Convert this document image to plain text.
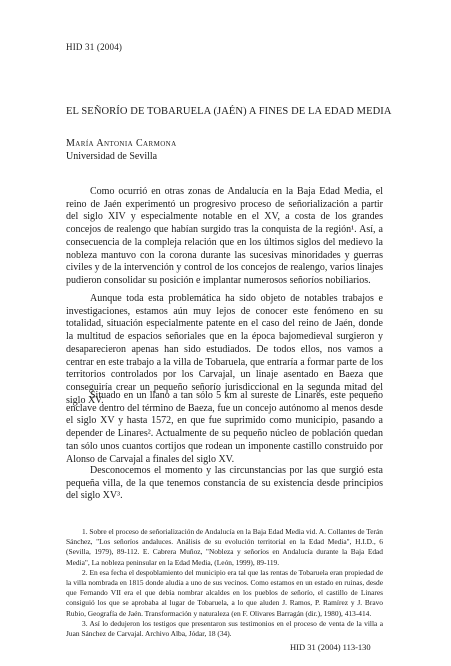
HID 31 (2004)
EL SEÑORÍO DE TOBARUELA (JAÉN) A FINES DE LA EDAD MEDIA
María Antonia Carmona
Universidad de Sevilla

Como ocurrió en otras zonas de Andalucía en la Baja Edad Media, el reino de Jaén experimentó un progresivo proceso de señorialización a partir del siglo XIV y especialmente notable en el XV, a costa de los grandes concejos de realengo que habían surgido tras la conquista de la región¹. Así, a consecuencia de la compleja relación que en los últimos siglos del medievo la nobleza mantuvo con la corona durante las sucesivas minoridades y guerras civiles y de la intervención y control de los concejos de realengo, varios linajes pudieron consolidar su posición e implantar numerosos señoríos nobiliarios.

Aunque toda esta problemática ha sido objeto de notables trabajos e investigaciones, estamos aún muy lejos de conocer este fenómeno en su totalidad, situación especialmente patente en el caso del reino de Jaén, donde la multitud de espacios señoriales que en la época bajomedieval surgieron y desaparecieron apenas han sido estudiados. De todos ellos, nos vamos a centrar en este trabajo a la villa de Tobaruela, que entraría a formar parte de los territorios controlados por los Carvajal, un linaje asentado en Baeza que conseguiría crear un pequeño señorío jurisdiccional en la segunda mitad del siglo XV.

Situado en un llano a tan sólo 5 km al sureste de Linares, este pequeño enclave dentro del término de Baeza, fue un concejo autónomo al menos desde el siglo XV y hasta 1572, en que fue suprimido como municipio, pasando a depender de Linares². Actualmente de su pequeño núcleo de población quedan tan sólo unos cuantos cortijos que rodean un imponente castillo construido por Alonso de Carvajal a finales del siglo XV.

Desconocemos el momento y las circunstancias por las que surgió esta pequeña villa, de la que tenemos constancia de su existencia desde principios del siglo XV³.

1. Sobre el proceso de señorialización de Andalucía en la Baja Edad Media vid. A. Collantes de Terán Sánchez, "Los señoríos andaluces. Análisis de su evolución territorial en la Edad Media", H.I.D., 6 (Sevilla, 1979), 89-112. E. Cabrera Muñoz, "Nobleza y señoríos en Andalucía durante la Baja Edad Media", La nobleza peninsular en la Edad Media, (León, 1999), 89-119.

2. En esa fecha el despoblamiento del municipio era tal que las rentas de Tobaruela eran propiedad de la villa nombrada en 1815 donde aludía a uno de sus vecinos. Como estamos en un estado en ruinas, desde que Fernando VII era el que debía nombrar alcaldes en los pueblos de señorío, el castillo de Linares consiguió los que se aprobaba al lugar de Tobaruela, a lo que aluden J. Ramos, P. Ramírez y J. Bravo Rubio, Geografía de Jaén. Transformación y naturaleza (en F. Olivares Barragán (dir.), 1980), 413-414.

3. Así lo dedujeron los testigos que presentaron sus testimonios en el proceso de venta de la villa a Juan Sánchez de Carvajal. Archivo Alba, Jódar, 18 (34).

HID 31 (2004) 113-130
